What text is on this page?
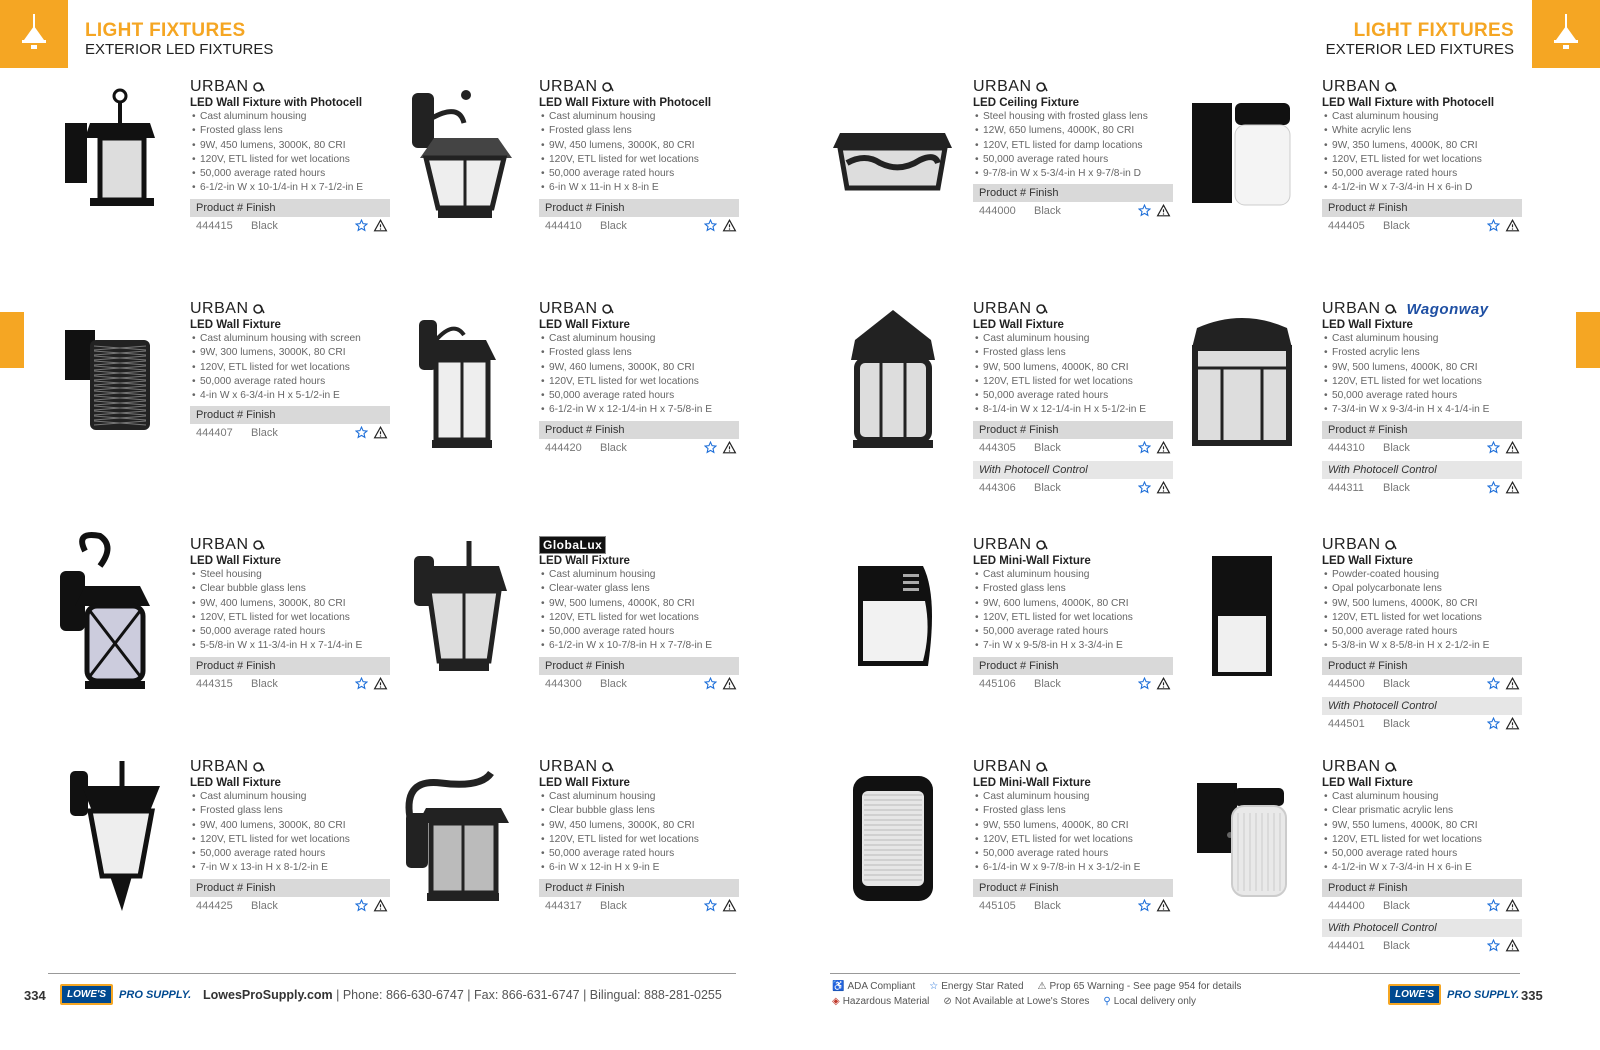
LIGHT FIXTURES
EXTERIOR LED FIXTURES
URBAN
LED Wall Fixture with Photocell
• Cast aluminum housing
• Frosted glass lens
• 9W, 450 lumens, 3000K, 80 CRI
• 120V, ETL listed for wet locations
• 50,000 average rated hours
• 6-1/2-in W x 10-1/4-in H x 7-1/2-in E
Product # Finish
444415 Black
URBAN
LED Wall Fixture with Photocell
• Cast aluminum housing
• Frosted glass lens
• 9W, 450 lumens, 3000K, 80 CRI
• 120V, ETL listed for wet locations
• 50,000 average rated hours
• 6-in W x 11-in H x 8-in E
Product # Finish
444410 Black
URBAN
LED Wall Fixture
• Cast aluminum housing with screen
• 9W, 300 lumens, 3000K, 80 CRI
• 120V, ETL listed for wet locations
• 50,000 average rated hours
• 4-in W x 6-3/4-in H x 5-1/2-in E
Product # Finish
444407 Black
URBAN
LED Wall Fixture
• Cast aluminum housing
• Frosted glass lens
• 9W, 460 lumens, 3000K, 80 CRI
• 120V, ETL listed for wet locations
• 50,000 average rated hours
• 6-1/2-in W x 12-1/4-in H x 7-5/8-in E
Product # Finish
444420 Black
URBAN
LED Wall Fixture
• Steel housing
• Clear bubble glass lens
• 9W, 400 lumens, 3000K, 80 CRI
• 120V, ETL listed for wet locations
• 50,000 average rated hours
• 5-5/8-in W x 11-3/4-in H x 7-1/4-in E
Product # Finish
444315 Black
GlobaLux
LED Wall Fixture
• Cast aluminum housing
• Clear-water glass lens
• 9W, 500 lumens, 4000K, 80 CRI
• 120V, ETL listed for wet locations
• 50,000 average rated hours
• 6-1/2-in W x 10-7/8-in H x 7-7/8-in E
Product # Finish
444300 Black
URBAN
LED Wall Fixture
• Cast aluminum housing
• Frosted glass lens
• 9W, 400 lumens, 3000K, 80 CRI
• 120V, ETL listed for wet locations
• 50,000 average rated hours
• 7-in W x 13-in H x 8-1/2-in E
Product # Finish
444425 Black
URBAN
LED Wall Fixture
• Cast aluminum housing
• Clear bubble glass lens
• 9W, 450 lumens, 3000K, 80 CRI
• 120V, ETL listed for wet locations
• 50,000 average rated hours
• 6-in W x 12-in H x 9-in E
Product # Finish
444317 Black
334	LOWE'S	PRO SUPPLY. LowesProSupply.com | Phone: 866-630-6747 | Fax: 866-631-6747 | Bilingual: 888-281-0255
LIGHT FIXTURES
EXTERIOR LED FIXTURES
URBAN
LED Ceiling Fixture
• Steel housing with frosted glass lens
• 12W, 650 lumens, 4000K, 80 CRI
• 120V, ETL listed for damp locations
• 50,000 average rated hours
• 9-7/8-in W x 5-3/4-in H x 9-7/8-in D
Product # Finish
444000 Black
URBAN
LED Wall Fixture with Photocell
• Cast aluminum housing
• White acrylic lens
• 9W, 350 lumens, 4000K, 80 CRI
• 120V, ETL listed for wet locations
• 50,000 average rated hours
• 4-1/2-in W x 7-3/4-in H x 6-in D
Product # Finish
444405 Black
URBAN
LED Wall Fixture
• Cast aluminum housing
• Frosted glass lens
• 9W, 500 lumens, 4000K, 80 CRI
• 120V, ETL listed for wet locations
• 50,000 average rated hours
• 8-1/4-in W x 12-1/4-in H x 5-1/2-in E
Product # Finish
444305 Black
With Photocell Control
444306 Black
URBAN Wagonway
LED Wall Fixture
• Cast aluminum housing
• Frosted acrylic lens
• 9W, 500 lumens, 4000K, 80 CRI
• 120V, ETL listed for wet locations
• 50,000 average rated hours
• 7-3/4-in W x 9-3/4-in H x 4-1/4-in E
Product # Finish
444310 Black
With Photocell Control
444311 Black
URBAN
LED Mini-Wall Fixture
• Cast aluminum housing
• Frosted glass lens
• 9W, 600 lumens, 4000K, 80 CRI
• 120V, ETL listed for wet locations
• 50,000 average rated hours
• 7-in W x 9-5/8-in H x 3-3/4-in E
Product # Finish
445106 Black
URBAN
LED Wall Fixture
• Powder-coated housing
• Opal polycarbonate lens
• 9W, 500 lumens, 4000K, 80 CRI
• 120V, ETL listed for wet locations
• 50,000 average rated hours
• 5-3/8-in W x 8-5/8-in H x 2-1/2-in E
Product # Finish
444500 Black
With Photocell Control
444501 Black
URBAN
LED Mini-Wall Fixture
• Cast aluminum housing
• Frosted glass lens
• 9W, 550 lumens, 4000K, 80 CRI
• 120V, ETL listed for wet locations
• 50,000 average rated hours
• 6-1/4-in W x 9-7/8-in H x 3-1/2-in E
Product # Finish
445105 Black
URBAN
LED Wall Fixture
• Cast aluminum housing
• Clear prismatic acrylic lens
• 9W, 550 lumens, 4000K, 80 CRI
• 120V, ETL listed for wet locations
• 50,000 average rated hours
• 4-1/2-in W x 7-3/4-in H x 6-in E
Product # Finish
444400 Black
With Photocell Control
444401 Black
LOWE'S	PRO SUPPLY. 335
♿ ADA Compliant ☆ Energy Star Rated ⚠ Prop 65 Warning - See page 954 for details
◈ Hazardous Material ⊘ Not Available at Lowe's Stores ⚲ Local delivery only
